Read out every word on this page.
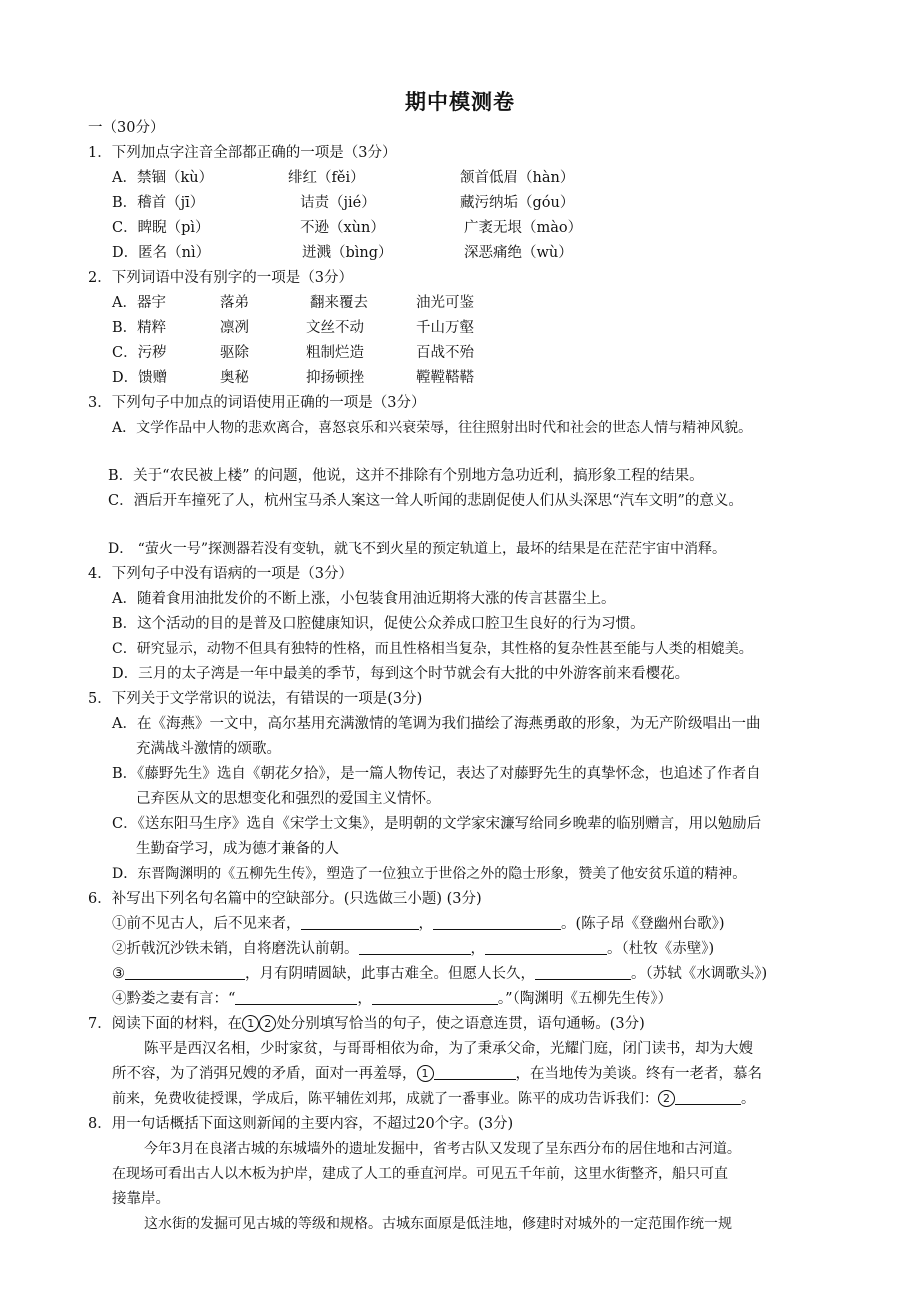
期中模测卷
一（30分）
1．下列加点字注音全部都正确的一项是（3分）
A．禁锢（kù）	绯红（fěi）	颔首低眉（hàn）
B．稽首（jī）	诘责（jié）	藏污纳垢（góu）
C．睥睨（pì）	不逊（xùn）	广袤无垠（mào）
D．匿名（nì）	迸溅（bìng）	深恶痛绝（wù）
2．下列词语中没有别字的一项是（3分）
A．器宇	落弟	翻来覆去	油光可鉴
B．精粹	凛冽	文丝不动	千山万壑
C．污秽	驱除	粗制烂造	百战不殆
D．馈赠	奥秘	抑扬顿挫	鞺鞺鞳鞳
3．下列句子中加点的词语使用正确的一项是（3分）
A．文学作品中人物的悲欢离合，喜怒哀乐和兴衰荣辱，往往照射出时代和社会的世态人情与精神风貌。
B．关于“农民被上楼” 的问题，他说，这并不排除有个别地方急功近利，搞形象工程的结果。
C．酒后开车撞死了人，杭州宝马杀人案这一耸人听闻的悲剧促使人们从头深思“汽车文明”的意义。
D． “萤火一号”探测器若没有变轨，就飞不到火星的预定轨道上，最坏的结果是在茫茫宇宙中消释。
4．下列句子中没有语病的一项是（3分）
A．随着食用油批发价的不断上涨，小包装食用油近期将大涨的传言甚嚣尘上。
B．这个活动的目的是普及口腔健康知识，促使公众养成口腔卫生良好的行为习惯。
C．研究显示，动物不但具有独特的性格，而且性格相当复杂，其性格的复杂性甚至能与人类的相媲美。
D．三月的太子湾是一年中最美的季节，每到这个时节就会有大批的中外游客前来看樱花。
5．下列关于文学常识的说法，有错误的一项是(3分)
A．在《海燕》一文中，高尔基用充满激情的笔调为我们描绘了海燕勇敢的形象，为无产阶级唱出一曲
充满战斗激情的颂歌。
B．《藤野先生》选自《朝花夕拾》，是一篇人物传记，表达了对藤野先生的真挚怀念，也追述了作者自
己弃医从文的思想变化和强烈的爱国主义情怀。
C．《送东阳马生序》选自《宋学士文集》，是明朝的文学家宋濂写给同乡晚辈的临别赠言，用以勉励后
生勤奋学习，成为德才兼备的人
D．东晋陶渊明的《五柳先生传》，塑造了一位独立于世俗之外的隐士形象，赞美了他安贫乐道的精神。
6．补写出下列名句名篇中的空缺部分。(只选做三小题) (3分)
①前不见古人，后不见来者，	，	。(陈子昂《登幽州台歌》)
②折戟沉沙铁未销，自将磨洗认前朝。	，	。（杜牧《赤壁》)
③	，月有阴晴圆缺，此事古难全。但愿人长久，	。（苏轼《水调歌头》)
④黔娄之妻有言：“	，	。”（陶渊明《五柳先生传》）
7．阅读下面的材料，在 1 2 处分别填写恰当的句子，使之语意连贯，语句通畅。(3分)
陈平是西汉名相，少时家贫，与哥哥相依为命，为了秉承父命，光耀门庭，闭门读书，却为大嫂
所不容，为了消弭兄嫂的矛盾，面对一再羞辱， 1	，在当地传为美谈。终有一老者，慕名
前来，免费收徒授课，学成后，陈平辅佐刘邦，成就了一番事业。陈平的成功告诉我们： 2	。
8．用一句话概括下面这则新闻的主要内容，不超过20个字。(3分)
今年3月在良渚古城的东城墙外的遗址发掘中，省考古队又发现了呈东西分布的居住地和古河道。
在现场可看出古人以木板为护岸，建成了人工的垂直河岸。可见五千年前，这里水街整齐，船只可直
接靠岸。
这水街的发掘可见古城的等级和规格。古城东面原是低洼地，修建时对城外的一定范围作统一规
